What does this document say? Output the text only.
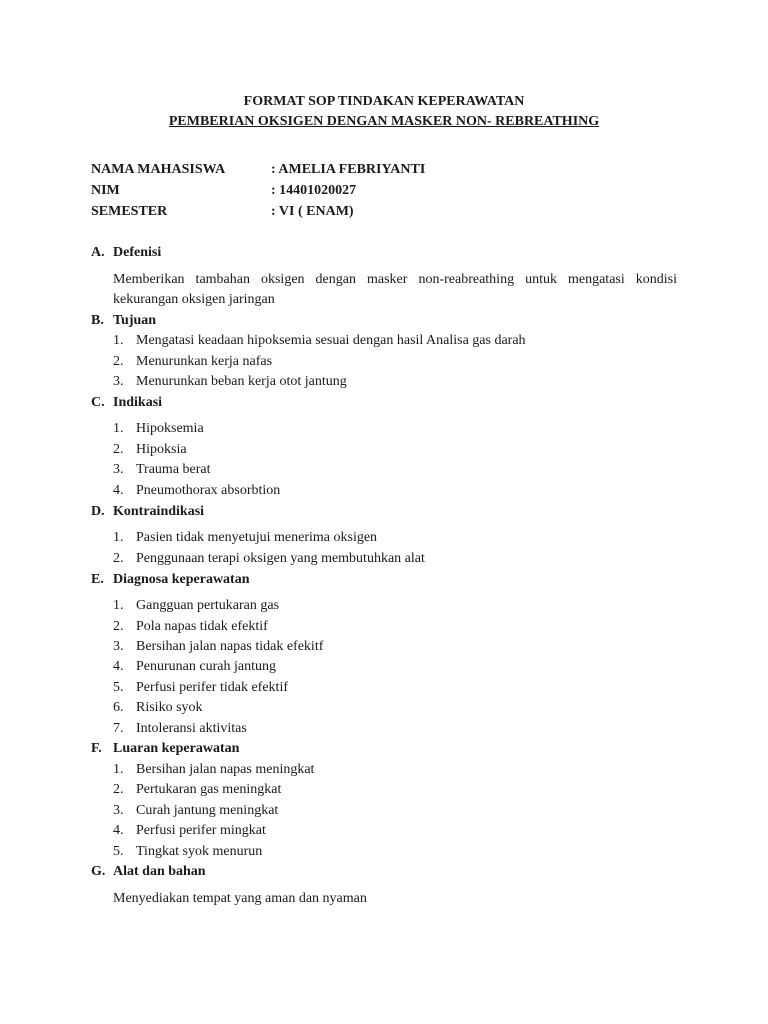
FORMAT SOP TINDAKAN KEPERAWATAN
PEMBERIAN OKSIGEN DENGAN MASKER NON- REBREATHING
NAMA MAHASISWA	: AMELIA FEBRIYANTI
NIM	: 14401020027
SEMESTER	: VI ( ENAM)
A. Defenisi
Memberikan tambahan oksigen dengan masker non-reabreathing untuk mengatasi kondisi kekurangan oksigen jaringan
B. Tujuan
1. Mengatasi keadaan hipoksemia sesuai dengan hasil Analisa gas darah
2. Menurunkan kerja nafas
3. Menurunkan beban kerja otot jantung
C. Indikasi
1. Hipoksemia
2. Hipoksia
3. Trauma berat
4. Pneumothorax absorbtion
D. Kontraindikasi
1. Pasien tidak menyetujui menerima oksigen
2. Penggunaan terapi oksigen yang membutuhkan alat
E. Diagnosa keperawatan
1. Gangguan pertukaran gas
2. Pola napas tidak efektif
3. Bersihan jalan napas tidak efekitf
4. Penurunan curah jantung
5. Perfusi perifer tidak efektif
6. Risiko syok
7. Intoleransi aktivitas
F. Luaran keperawatan
1. Bersihan jalan napas meningkat
2. Pertukaran gas meningkat
3. Curah jantung meningkat
4. Perfusi perifer mingkat
5. Tingkat syok menurun
G. Alat dan bahan
Menyediakan tempat yang aman dan nyaman
